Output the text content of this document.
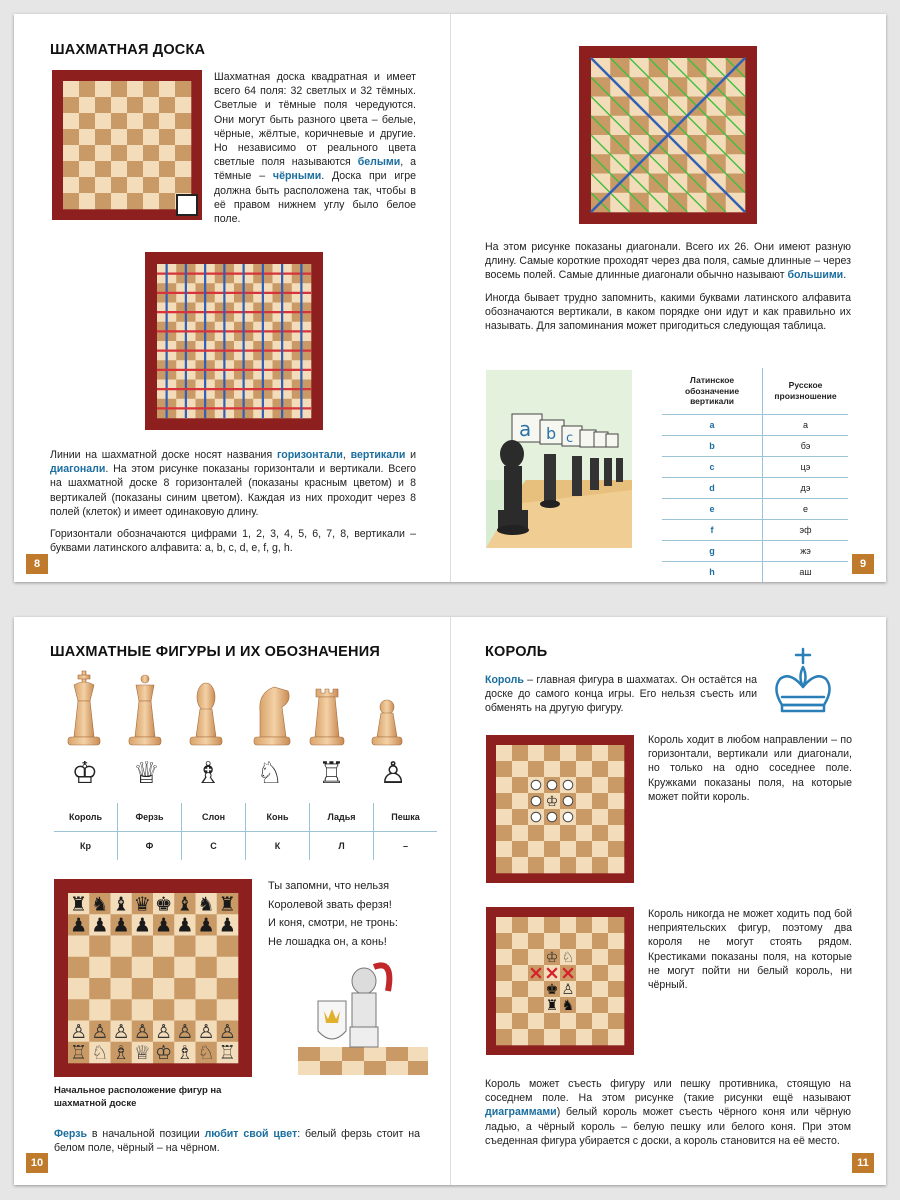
ШАХМАТНАЯ ДОСКА
Шахматная доска квадратная и имеет всего 64 поля: 32 светлых и 32 тёмных. Светлые и тёмные поля чередуются. Они могут быть разного цвета – белые, чёрные, жёлтые, коричневые и другие. Но независимо от реального цвета светлые поля называются белыми, а тёмные – чёрными. Доска при игре должна быть расположена так, чтобы в её правом нижнем углу было белое поле.

Линии на шахматной доске носят названия горизонтали, вертикали и диагонали. На этом рисунке показаны горизонтали и вертикали. Всего на шахматной доске 8 горизонталей (показаны красным цветом) и 8 вертикалей (показаны синим цветом). Каждая из них проходит через 8 полей (клеток) и имеет одинаковую длину.

Горизонтали обозначаются цифрами 1, 2, 3, 4, 5, 6, 7, 8, вертикали – буквами латинского алфавита: a, b, c, d, e, f, g, h.

8

На этом рисунке показаны диагонали. Всего их 26. Они имеют разную длину. Самые короткие проходят через два поля, самые длинные – через восемь полей. Самые длинные диагонали обычно называют большими.

Иногда бывает трудно запомнить, какими буквами латинского алфавита обозначаются вертикали, в каком порядке они идут и как правильно их называть. Для запоминания может пригодиться следующая таблица.

a b c
Латинское обозначение вертикали	Русское произношение
a	а
b	бэ
c	цэ
d	дэ
e	е
f	эф
g	жэ
h	аш
9
ШАХМАТНЫЕ ФИГУРЫ И ИХ ОБОЗНАЧЕНИЯ
♔ ♕ ♗ ♘ ♖ ♙
Король	Ферзь	Слон	Конь	Ладья	Пешка
Кр	Ф	С	К	Л	–
♜
♟
♙
♖
♞
♟
♙
♘
♝
♟
♙
♗
♛
♟
♙
♕
♚
♟
♙
♔
♝
♟
♙
♗
♞
♟
♙
♘
♜
♟
♙
♖
Ты запомни, что нельзя
Королевой звать ферзя!
И коня, смотри, не тронь:
Не лошадка он, а конь!
Начальное расположение фигур на шахматной доске
Ферзь в начальной позиции любит свой цвет: белый ферзь стоит на белом поле, чёрный – на чёрном.
10
КОРОЛЬ
Король – главная фигура в шахматах. Он остаётся на доске до самого конца игры. Его нельзя съесть или обменять на другую фигуру.
♔
Король ходит в любом направлении – по горизонтали, вертикали или диагонали, но только на одно соседнее поле. Кружками показаны поля, на которые может пойти король.
♔ ♘
♚ ♙
♜ ♞
Король никогда не может ходить под бой неприятельских фигур, поэтому два короля не могут стоять рядом. Крестиками показаны поля, на которые не могут пойти ни белый король, ни чёрный.
Король может съесть фигуру или пешку противника, стоящую на соседнем поле. На этом рисунке (такие рисунки ещё называют диаграммами) белый король может съесть чёрного коня или чёрную ладью, а чёрный король – белую пешку или белого коня. При этом съеденная фигура убирается с доски, а король становится на её место.
11
